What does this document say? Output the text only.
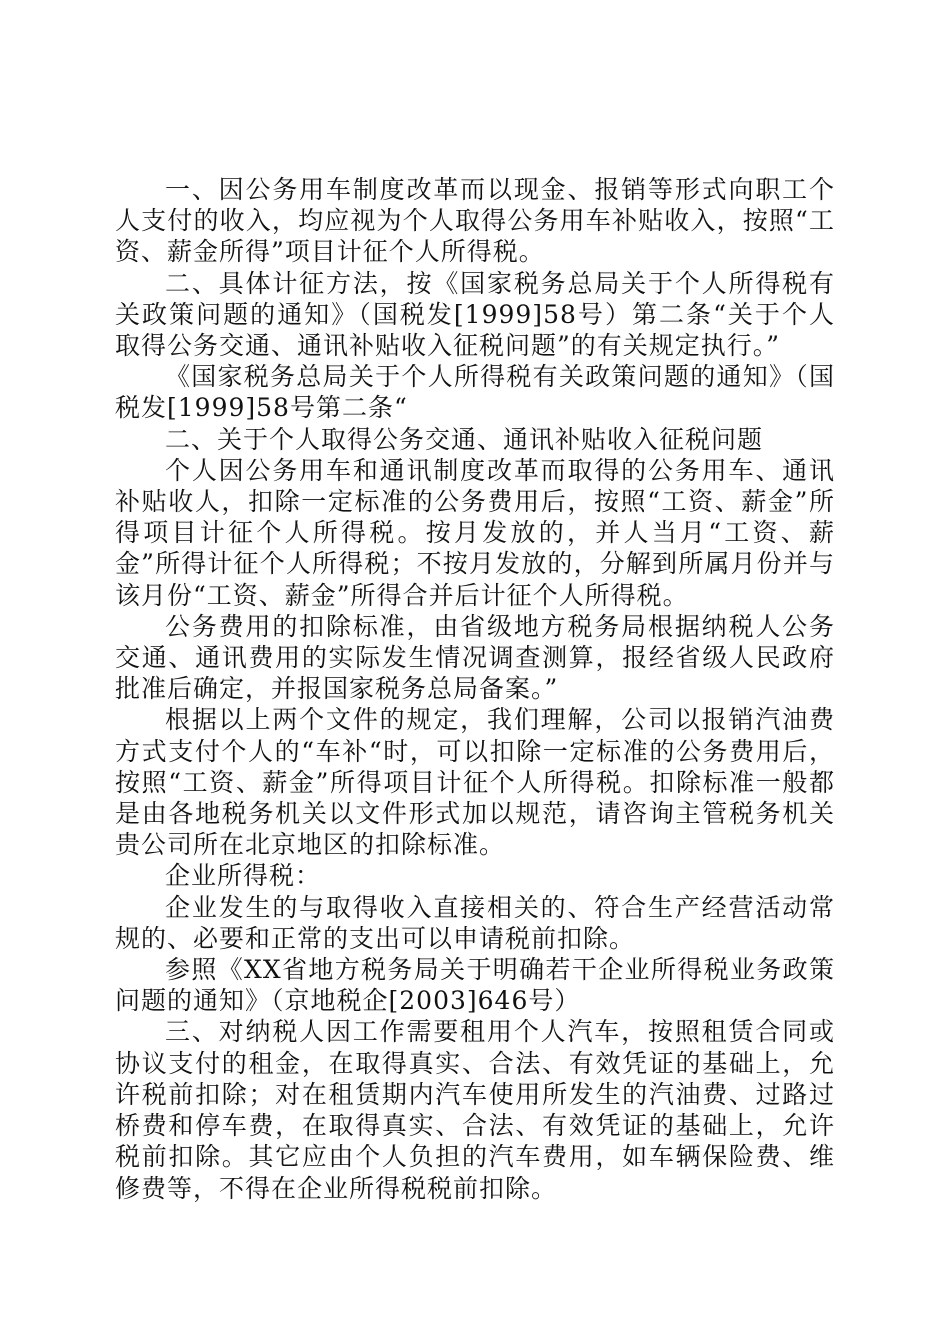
一、因公务用车制度改革而以现金、报销等形式向职工个人支付的收入，均应视为个人取得公务用车补贴收入，按照“工资、薪金所得”项目计征个人所得税。

二、具体计征方法，按《国家税务总局关于个人所得税有关政策问题的通知》（国税发[1999]58号）第二条“关于个人取得公务交通、通讯补贴收入征税问题”的有关规定执行。”

《国家税务总局关于个人所得税有关政策问题的通知》（国税发[1999]58号第二条“

二、关于个人取得公务交通、通讯补贴收入征税问题

个人因公务用车和通讯制度改革而取得的公务用车、通讯补贴收人，扣除一定标准的公务费用后，按照“工资、薪金”所得项目计征个人所得税。按月发放的，并人当月“工资、薪金”所得计征个人所得税；不按月发放的，分解到所属月份并与该月份“工资、薪金”所得合并后计征个人所得税。

公务费用的扣除标准，由省级地方税务局根据纳税人公务交通、通讯费用的实际发生情况调查测算，报经省级人民政府批准后确定，并报国家税务总局备案。”

根据以上两个文件的规定，我们理解，公司以报销汽油费方式支付个人的“车补“时，可以扣除一定标准的公务费用后，按照“工资、薪金”所得项目计征个人所得税。扣除标准一般都是由各地税务机关以文件形式加以规范，请咨询主管税务机关贵公司所在北京地区的扣除标准。

企业所得税：

企业发生的与取得收入直接相关的、符合生产经营活动常规的、必要和正常的支出可以申请税前扣除。

参照《XX省地方税务局关于明确若干企业所得税业务政策问题的通知》（京地税企[2003]646号）

三、对纳税人因工作需要租用个人汽车，按照租赁合同或协议支付的租金，在取得真实、合法、有效凭证的基础上，允许税前扣除；对在租赁期内汽车使用所发生的汽油费、过路过桥费和停车费，在取得真实、合法、有效凭证的基础上，允许税前扣除。其它应由个人负担的汽车费用，如车辆保险费、维修费等，不得在企业所得税税前扣除。
